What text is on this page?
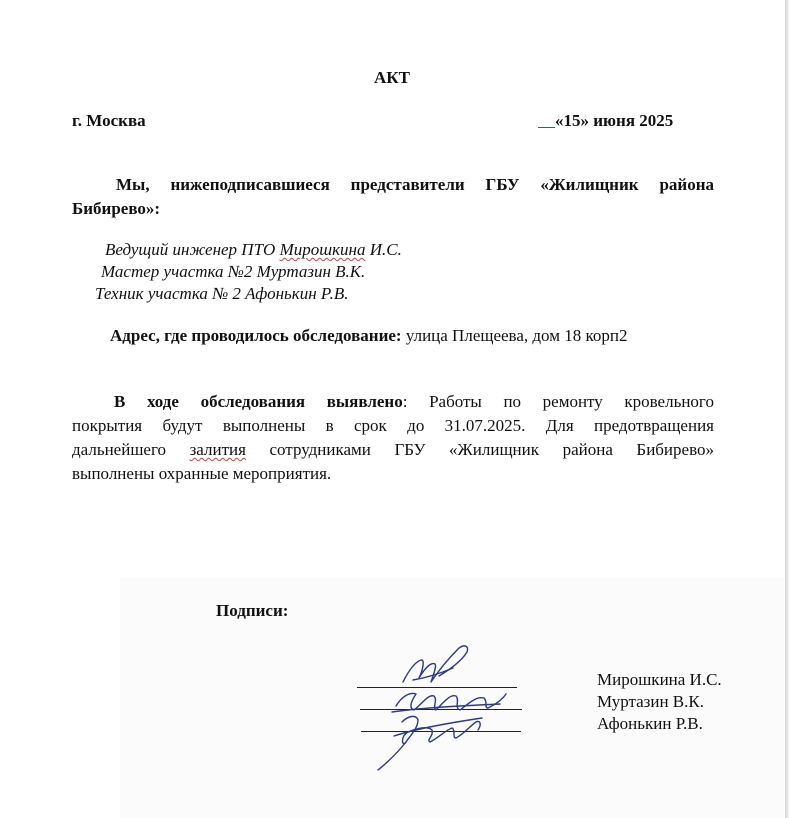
АКТ
г. Москва	«15» июня 2025
Мы, нижеподписавшиеся представители ГБУ «Жилищник района
Бибирево»:
Ведущий инженер ПТО Мирошкина И.С.
Мастер участка №2 Муртазин В.К.
Техник участка № 2 Афонькин Р.В.
Адрес, где проводилось обследование: улица Плещеева, дом 18 корп2
В ходе обследования выявлено: Работы по ремонту кровельного
покрытия будут выполнены в срок до 31.07.2025. Для предотвращения
дальнейшего залития сотрудниками ГБУ «Жилищник района Бибирево»
выполнены охранные мероприятия.
Подписи:
Мирошкина И.С.
Муртазин В.К.
Афонькин Р.В.
